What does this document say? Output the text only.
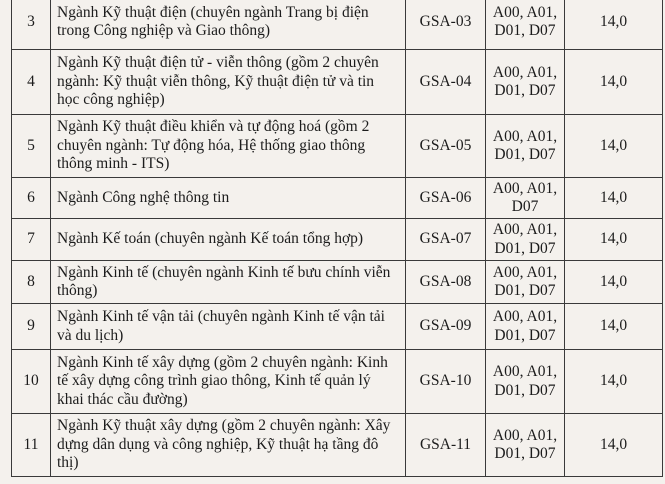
3	Ngành Kỹ thuật điện (chuyên ngành Trang bị điện trong Công nghiệp và Giao thông)	GSA-03	A00, A01, D01, D07	14,0
4	Ngành Kỹ thuật điện tử - viễn thông (gồm 2 chuyên ngành: Kỹ thuật viễn thông, Kỹ thuật điện tử và tin học công nghiệp)	GSA-04	A00, A01, D01, D07	14,0
5	Ngành Kỹ thuật điều khiển và tự động hoá (gồm 2 chuyên ngành: Tự động hóa, Hệ thống giao thông thông minh - ITS)	GSA-05	A00, A01, D01, D07	14,0
6	Ngành Công nghệ thông tin	GSA-06	A00, A01, D07	14,0
7	Ngành Kế toán (chuyên ngành Kế toán tổng hợp)	GSA-07	A00, A01, D01, D07	14,0
8	Ngành Kinh tế (chuyên ngành Kinh tế bưu chính viễn thông)	GSA-08	A00, A01, D01, D07	14,0
9	Ngành Kinh tế vận tải (chuyên ngành Kinh tế vận tải và du lịch)	GSA-09	A00, A01, D01, D07	14,0
10	Ngành Kinh tế xây dựng (gồm 2 chuyên ngành: Kinh tế xây dựng công trình giao thông, Kinh tế quản lý khai thác cầu đường)	GSA-10	A00, A01, D01, D07	14,0
11	Ngành Kỹ thuật xây dựng (gồm 2 chuyên ngành: Xây dựng dân dụng và công nghiệp, Kỹ thuật hạ tầng đô thị)	GSA-11	A00, A01, D01, D07	14,0
